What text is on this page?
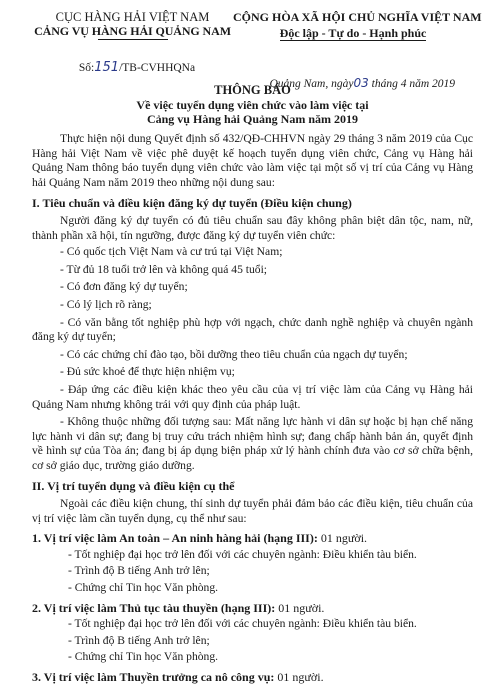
CỤC HÀNG HẢI VIỆT NAM
CẢNG VỤ HÀNG HẢI QUẢNG NAM
CỘNG HÒA XÃ HỘI CHỦ NGHĨA VIỆT NAM
Độc lập - Tự do - Hạnh phúc
Số:151/TB-CVHHQNa
Quảng Nam, ngày03 tháng 4 năm 2019
THÔNG BÁO
Về việc tuyển dụng viên chức vào làm việc tại
Cảng vụ Hàng hải Quảng Nam năm 2019

Thực hiện nội dung Quyết định số 432/QĐ-CHHVN ngày 29 tháng 3 năm 2019 của Cục Hàng hải Việt Nam về việc phê duyệt kế hoạch tuyển dụng viên chức, Cảng vụ Hàng hải Quảng Nam thông báo tuyển dụng viên chức vào làm việc tại một số vị trí của Cảng vụ Hàng hải Quảng Nam năm 2019 theo những nội dung sau:

I. Tiêu chuẩn và điều kiện đăng ký dự tuyển (Điều kiện chung)

Người đăng ký dự tuyển có đủ tiêu chuẩn sau đây không phân biệt dân tộc, nam, nữ, thành phần xã hội, tín ngưỡng, được đăng ký dự tuyển viên chức:

- Có quốc tịch Việt Nam và cư trú tại Việt Nam;

- Từ đủ 18 tuổi trở lên và không quá 45 tuổi;

- Có đơn đăng ký dự tuyển;

- Có lý lịch rõ ràng;

- Có văn bằng tốt nghiệp phù hợp với ngạch, chức danh nghề nghiệp và chuyên ngành đăng ký dự tuyển;

- Có các chứng chỉ đào tạo, bồi dưỡng theo tiêu chuẩn của ngạch dự tuyển;

- Đủ sức khoẻ để thực hiện nhiệm vụ;

- Đáp ứng các điều kiện khác theo yêu cầu của vị trí việc làm của Cảng vụ Hàng hải Quảng Nam nhưng không trái với quy định của pháp luật.

- Không thuộc những đối tượng sau: Mất năng lực hành vi dân sự hoặc bị hạn chế năng lực hành vi dân sự; đang bị truy cứu trách nhiệm hình sự; đang chấp hành bản án, quyết định về hình sự của Tòa án; đang bị áp dụng biện pháp xử lý hành chính đưa vào cơ sở chữa bệnh, cơ sở giáo dục, trường giáo dưỡng.

II. Vị trí tuyển dụng và điều kiện cụ thể

Ngoài các điều kiện chung, thí sinh dự tuyển phải đảm bảo các điều kiện, tiêu chuẩn của vị trí việc làm cần tuyển dụng, cụ thể như sau:

1. Vị trí việc làm An toàn – An ninh hàng hải (hạng III): 01 người.

- Tốt nghiệp đại học trở lên đối với các chuyên ngành: Điều khiển tàu biển.

- Trình độ B tiếng Anh trở lên;

- Chứng chỉ Tin học Văn phòng.

2. Vị trí việc làm Thủ tục tàu thuyền (hạng III): 01 người.

- Tốt nghiệp đại học trở lên đối với các chuyên ngành: Điều khiển tàu biển.

- Trình độ B tiếng Anh trở lên;

- Chứng chỉ Tin học Văn phòng.

3. Vị trí việc làm Thuyền trưởng ca nô công vụ: 01 người.
